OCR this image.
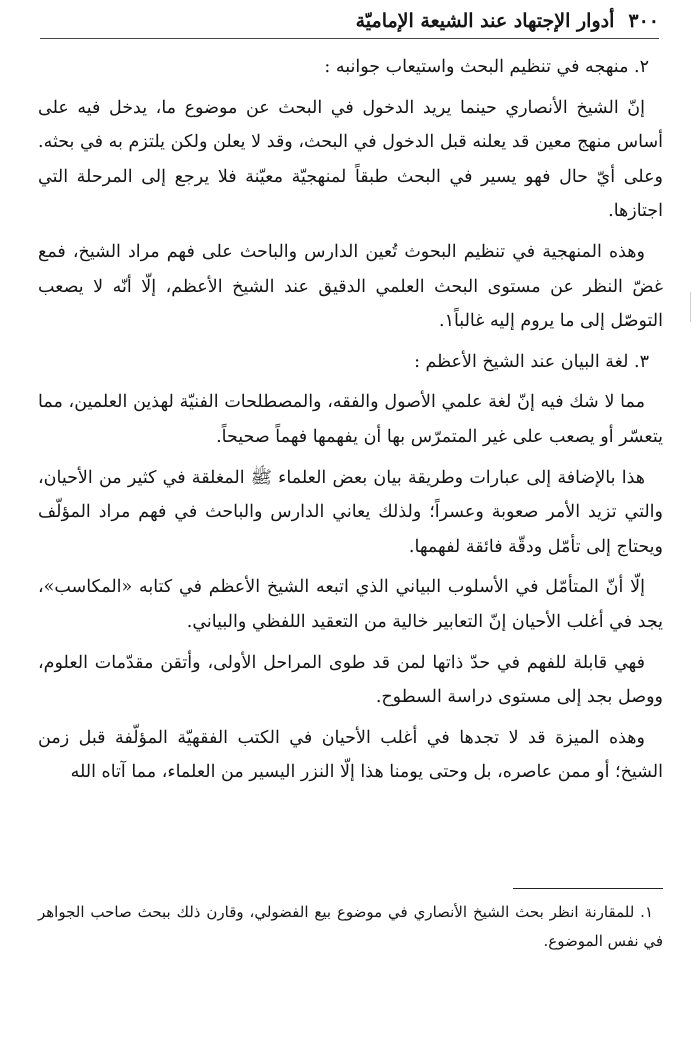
٣٠٠
أدوار الإجتهاد عند الشيعة الإماميّة

٢. منهجه في تنظيم البحث واستيعاب جوانبه :

إنّ الشيخ الأنصاري حينما يريد الدخول في البحث عن موضوع ما، يدخل فيه على أساس منهج معين قد يعلنه قبل الدخول في البحث، وقد لا يعلن ولكن يلتزم به في بحثه. وعلى أيّ حال فهو يسير في البحث طبقاً لمنهجيّة معيّنة فلا يرجع إلى المرحلة التي اجتازها.

وهذه المنهجية في تنظيم البحوث تُعين الدارس والباحث على فهم مراد الشيخ، فمع غضّ النظر عن مستوى البحث العلمي الدقيق عند الشيخ الأعظم، إلّا أنّه لا يصعب التوصّل إلى ما يروم إليه غالباً١.

٣. لغة البيان عند الشيخ الأعظم :

مما لا شك فيه إنّ لغة علمي الأصول والفقه، والمصطلحات الفنيّة لهذين العلمين، مما يتعسّر أو يصعب على غير المتمرّس بها أن يفهمها فهماً صحيحاً.

هذا بالإضافة إلى عبارات وطريقة بيان بعض العلماء ﷺ المغلقة في كثير من الأحيان، والتي تزيد الأمر صعوبة وعسراً؛ ولذلك يعاني الدارس والباحث في فهم مراد المؤلّف ويحتاج إلى تأمّل ودقّة فائقة لفهمها.

إلّا أنّ المتأمّل في الأسلوب البياني الذي اتبعه الشيخ الأعظم في كتابه «المكاسب»، يجد في أغلب الأحيان إنّ التعابير خالية من التعقيد اللفظي والبياني.

فهي قابلة للفهم في حدّ ذاتها لمن قد طوى المراحل الأولى، وأتقن مقدّمات العلوم، ووصل بجد إلى مستوى دراسة السطوح.

وهذه الميزة قد لا تجدها في أغلب الأحيان في الكتب الفقهيّة المؤلّفة قبل زمن الشيخ؛ أو ممن عاصره، بل وحتى يومنا هذا إلّا النزر اليسير من العلماء، مما آتاه الله

١. للمقارنة انظر بحث الشيخ الأنصاري في موضوع بيع الفضولي، وقارن ذلك ببحث صاحب الجواهر في نفس الموضوع.
